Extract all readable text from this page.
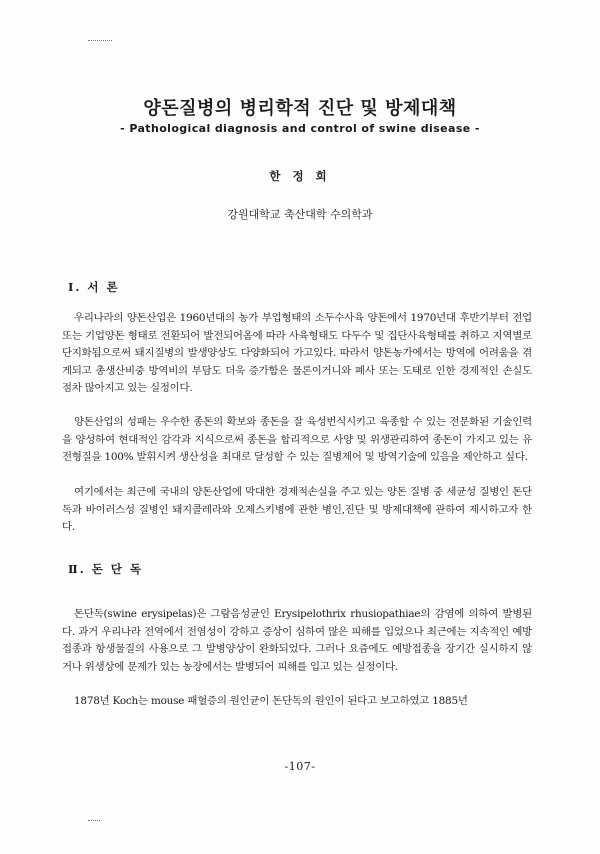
양돈질병의 병리학적 진단 및 방제대책
- Pathological diagnosis and control of swine disease -
한 정 희
강원대학교 축산대학 수의학과
Ⅰ. 서 론

우리나라의 양돈산업은 1960년대의 농가 부업형태의 소두수사육 양돈에서 1970년대 후반기부터 전업 또는 기업양돈 형태로 전환되어 발전되어옴에 따라 사육형태도 다두수 및 집단사육형태를 취하고 지역별로 단지화됨으로써 돼지질병의 발생양상도 다양화되어 가고있다. 따라서 양돈농가에서는 방역에 어려움을 겪게되고 총생산비중 방역비의 부담도 더욱 증가함은 물론이거니와 폐사 또는 도태로 인한 경제적인 손실도 점차 많아지고 있는 실정이다.

양돈산업의 성패는 우수한 종돈의 확보와 종돈을 잘 육성번식시키고 육종할 수 있는 전문화된 기술인력을 양성하여 현대적인 감각과 지식으로써 종돈을 합리적으로 사양 및 위생관리하여 종돈이 가지고 있는 유전형질을 100% 발휘시켜 생산성을 최대로 달성할 수 있는 질병제어 및 방역기술에 있음을 제안하고 싶다.

여기에서는 최근에 국내의 양돈산업에 막대한 경제적손실을 주고 있는 양돈 질병 중 세균성 질병인 돈단독과 바이러스성 질병인 돼지콜레라와 오제스키병에 관한 병인,진단 및 방제대책에 관하여 제시하고자 한다.

Ⅱ. 돈 단 독

돈단독(swine erysipelas)은 그람음성균인 Erysipelothrix rhusiopathiae의 감염에 의하여 발병된다. 과거 우리나라 전역에서 전염성이 강하고 증상이 심하여 많은 피해를 입었으나 최근에는 지속적인 예방접종과 항생물질의 사용으로 그 발병양상이 완화되었다. 그러나 요즘에도 예방접종을 장기간 실시하지 않거나 위생상에 문제가 있는 농장에서는 발병되어 피해를 입고 있는 실정이다.

1878년 Koch는 mouse 패혈증의 원인균이 돈단독의 원인이 된다고 보고하였고 1885년

-107-
